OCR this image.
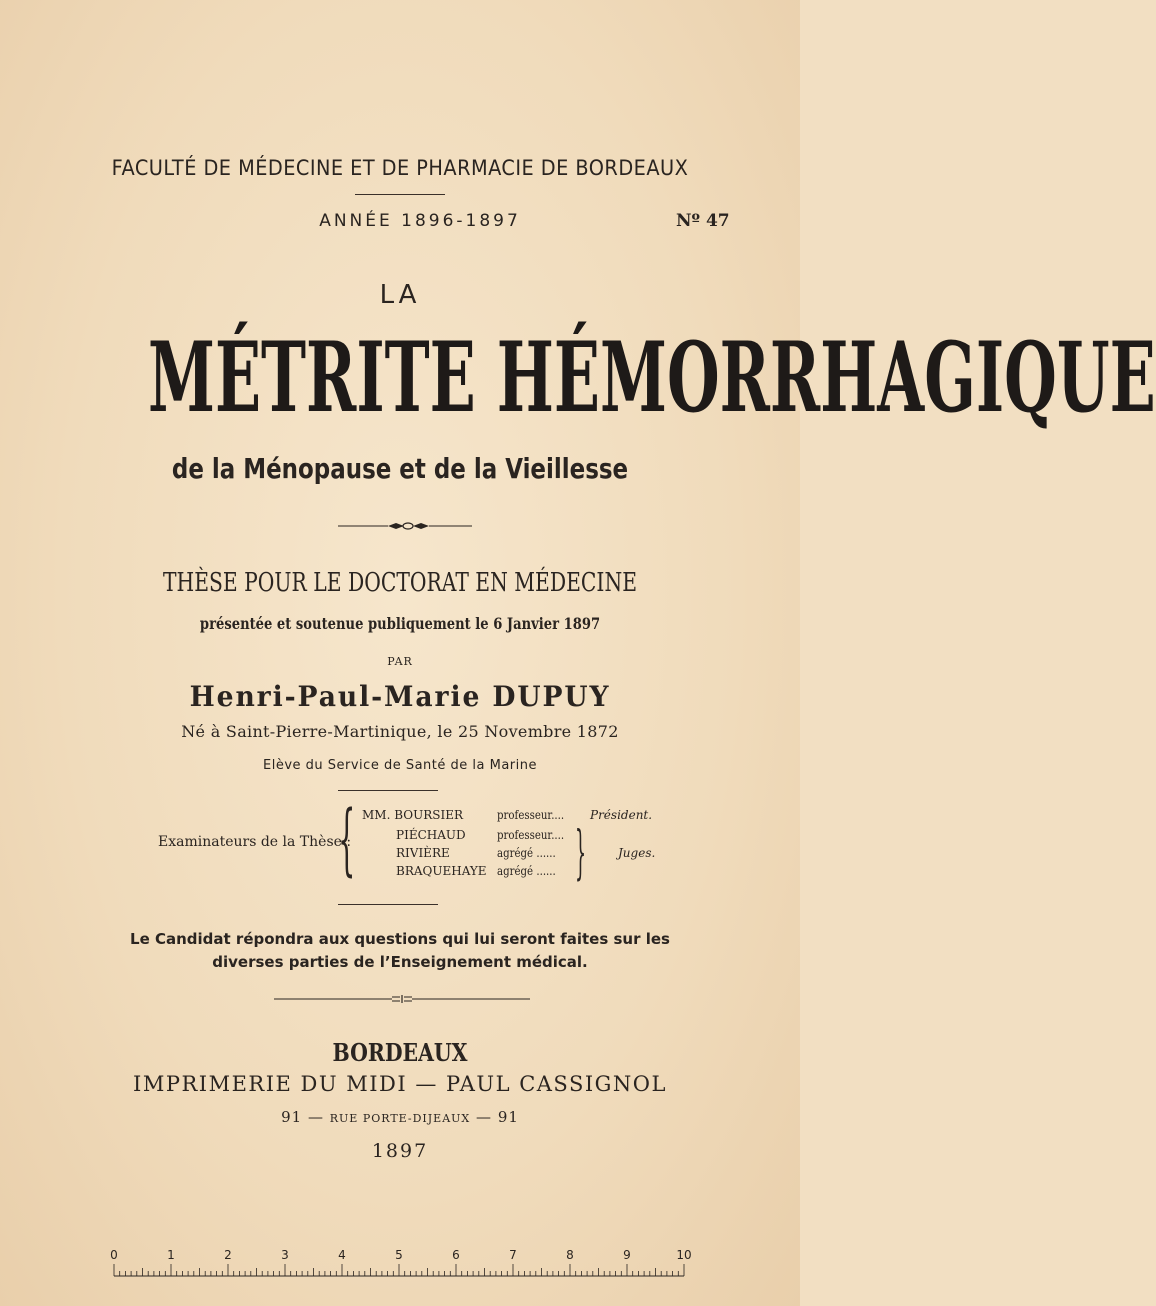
FACULTÉ DE MÉDECINE ET DE PHARMACIE DE BORDEAUX
ANNÉE 1896-1897	Nº 47
LA
MÉTRITE HÉMORRHAGIQUE
de la Ménopause et de la Vieillesse
THÈSE POUR LE DOCTORAT EN MÉDECINE
présentée et soutenue publiquement le 6 Janvier 1897
PAR
Henri-Paul-Marie DUPUY
Né à Saint-Pierre-Martinique, le 25 Novembre 1872
Elève du Service de Santé de la Marine
Examinateurs de la Thèse :
{ MM. BOURSIER	professeur.... Président.
PIÉCHAUD	professeur....
RIVIÈRE	agrégé ......	Juges.
BRAQUEHAYE agrégé ...... }
Le Candidat répondra aux questions qui lui seront faites sur les diverses parties de l’Enseignement médical.
BORDEAUX
IMPRIMERIE DU MIDI — PAUL CASSIGNOL
91 — RUE PORTE-DIJEAUX — 91
1897
0	1	2	3	4	5	6	7	8	9	10
